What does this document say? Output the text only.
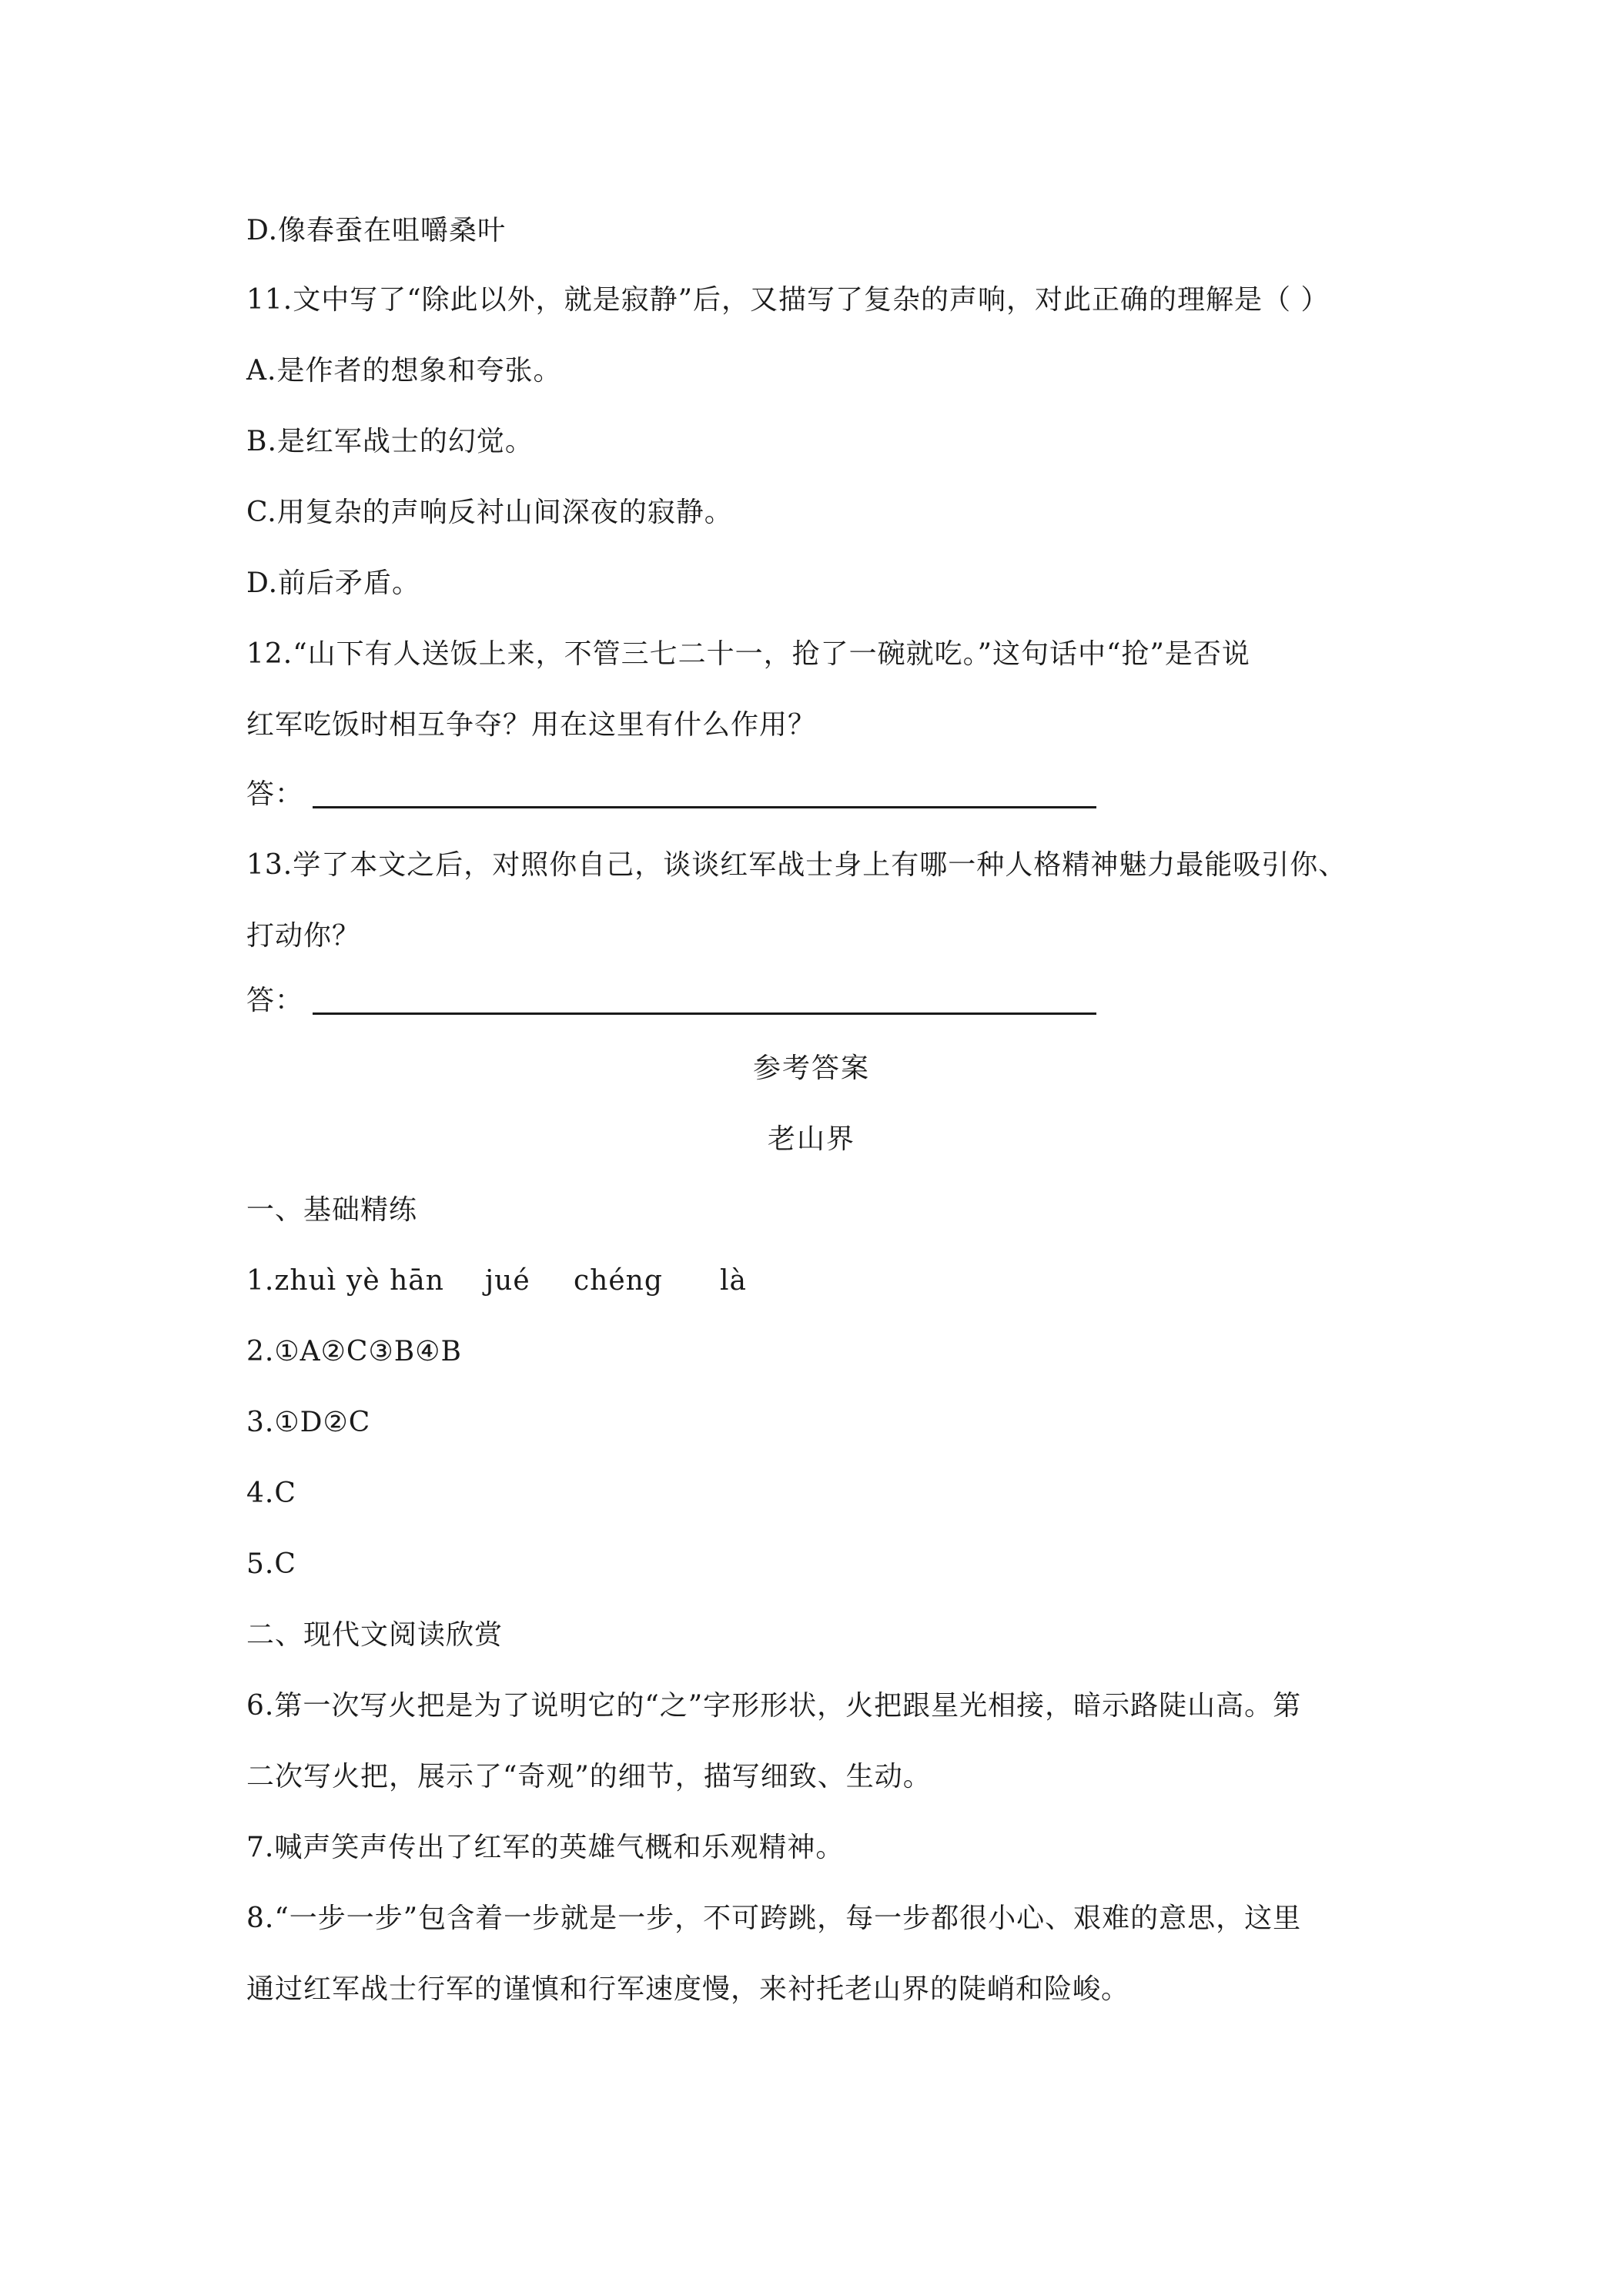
D.像春蚕在咀嚼桑叶
11.文中写了“除此以外，就是寂静”后，又描写了复杂的声响，对此正确的理解是（ ）
A.是作者的想象和夸张。
B.是红军战士的幻觉。
C.用复杂的声响反衬山间深夜的寂静。
D.前后矛盾。
12.“山下有人送饭上来，不管三七二十一，抢了一碗就吃。”这句话中“抢”是否说
红军吃饭时相互争夺？用在这里有什么作用？
答：
13.学了本文之后，对照你自己，谈谈红军战士身上有哪一种人格精神魅力最能吸引你、
打动你？
答：
参考答案
老山界
一、基础精练
1.zhuì yè hān jué chéng là
2.①A②C③B④B
3.①D②C
4.C
5.C
二、现代文阅读欣赏
6.第一次写火把是为了说明它的“之”字形形状，火把跟星光相接，暗示路陡山高。第
二次写火把，展示了“奇观”的细节，描写细致、生动。
7.喊声笑声传出了红军的英雄气概和乐观精神。
8.“一步一步”包含着一步就是一步，不可跨跳，每一步都很小心、艰难的意思，这里
通过红军战士行军的谨慎和行军速度慢，来衬托老山界的陡峭和险峻。
